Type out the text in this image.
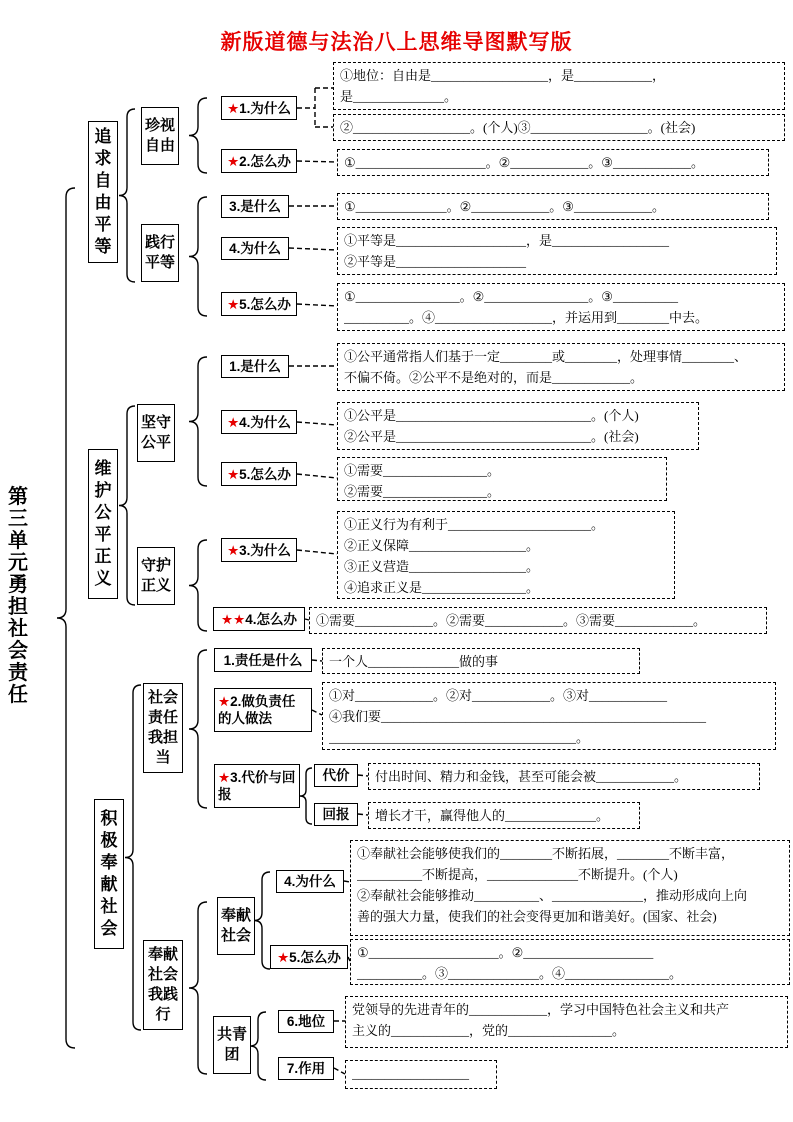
新版道德与法治八上思维导图默写版
第三单元　勇担社会责任
追求自由平等
维护公平正义
积极奉献社会
珍视自由
践行平等
坚守公平
守护正义
社会责任我担当
奉献社会我践行
奉献社会
共青团
★1.为什么
★2.怎么办
3.是什么
4.为什么
★5.怎么办
1.是什么
★4.为什么
★5.怎么办
★3.为什么
★★4.怎么办
1.责任是什么
★2.做负责任的人做法
★3.代价与回报
代价
回报
4.为什么
★5.怎么办
6.地位
7.作用
①地位：自由是__________________，是____________，
是______________。
②__________________。(个人)③__________________。(社会)
①____________________。②____________。③____________。
①______________。②____________。③____________。
①平等是____________________，是__________________
②平等是____________________
①________________。②________________。③__________
__________。④__________________，并运用到________中去。
①公平通常指人们基于一定________或________，处理事情________、
不偏不倚。②公平不是绝对的，而是____________。
①公平是______________________________。(个人)
②公平是______________________________。(社会)
①需要________________。
②需要________________。
①正义行为有利于______________________。
②正义保障__________________。
③正义营造__________________。
④追求正义是________________。
①需要____________。②需要____________。③需要____________。
一个人______________做的事
①对____________。②对____________。③对____________
④我们要__________________________________________________
______________________________________。
付出时间、精力和金钱，甚至可能会被____________。
增长才干，赢得他人的______________。
①奉献社会能够使我们的________不断拓展，________不断丰富，
__________不断提高，______________不断提升。(个人)
②奉献社会能够推动__________、______________，推动形成向上向
善的强大力量，使我们的社会变得更加和谐美好。(国家、社会)
①____________________。②____________________
__________。③______________。④________________。
党领导的先进青年的____________，学习中国特色社会主义和共产
主义的____________，党的________________。
__________________
